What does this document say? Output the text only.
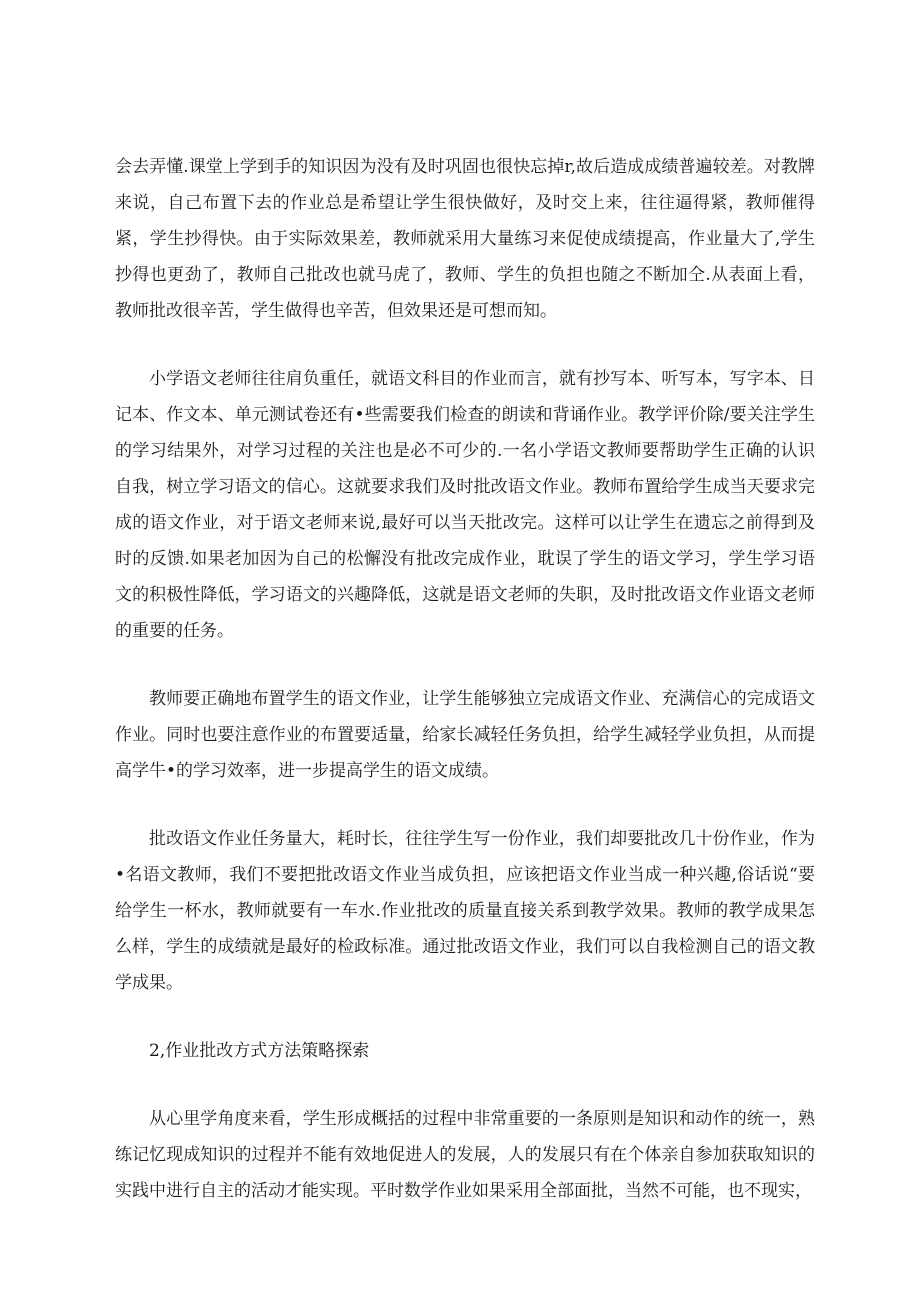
会去弄懂.课堂上学到手的知识因为没有及时巩固也很快忘掉r,故后造成成绩普遍较差。对教牌来说，自己布置下去的作业总是希望让学生很快做好，及时交上来，往往逼得紧，教师催得紧，学生抄得快。由于实际效果差，教师就采用大量练习来促使成绩提高，作业量大了,学生抄得也更劲了，教师自己批改也就马虎了，教师、学生的负担也随之不断加仝.从表面上看，教师批改很辛苦，学生做得也辛苦，但效果还是可想而知。

小学语文老师往往肩负重任，就语文科目的作业而言，就有抄写本、听写本，写字本、日记本、作文本、单元测试卷还有•些需要我们检查的朗读和背诵作业。教学评价除/要关注学生的学习结果外，对学习过程的关注也是必不可少的.一名小学语文教师要帮助学生正确的认识自我，树立学习语文的信心。这就要求我们及时批改语文作业。教师布置给学生成当天要求完成的语文作业，对于语文老师来说,最好可以当天批改完。这样可以让学生在遗忘之前得到及时的反馈.如果老加因为自己的松懈没有批改完成作业，耽误了学生的语文学习，学生学习语文的积极性降低，学习语文的兴趣降低，这就是语文老师的失职，及时批改语文作业语文老师的重要的任务。

教师要正确地布置学生的语文作业，让学生能够独立完成语文作业、充满信心的完成语文作业。同时也要注意作业的布置要适量，给家长减轻任务负担，给学生减轻学业负担，从而提高学牛•的学习效率，进一步提高学生的语文成绩。

批改语文作业任务量大，耗时长，往往学生写一份作业，我们却要批改几十份作业，作为•名语文教师，我们不要把批改语文作业当成负担，应该把语文作业当成一种兴趣,俗话说“要给学生一杯水，教师就要有一车水.作业批改的质量直接关系到教学效果。教师的教学成果怎么样，学生的成绩就是最好的检政标准。通过批改语文作业，我们可以自我检测自己的语文教学成果。

2,作业批改方式方法策略探索

从心里学角度来看，学生形成概括的过程中非常重要的一条原则是知识和动作的统一，熟练记忆现成知识的过程并不能有效地促进人的发展，人的发展只有在个体亲自参加获取知识的实践中进行自主的活动才能实现。平时数学作业如果采用全部面批，当然不可能，也不现实，
